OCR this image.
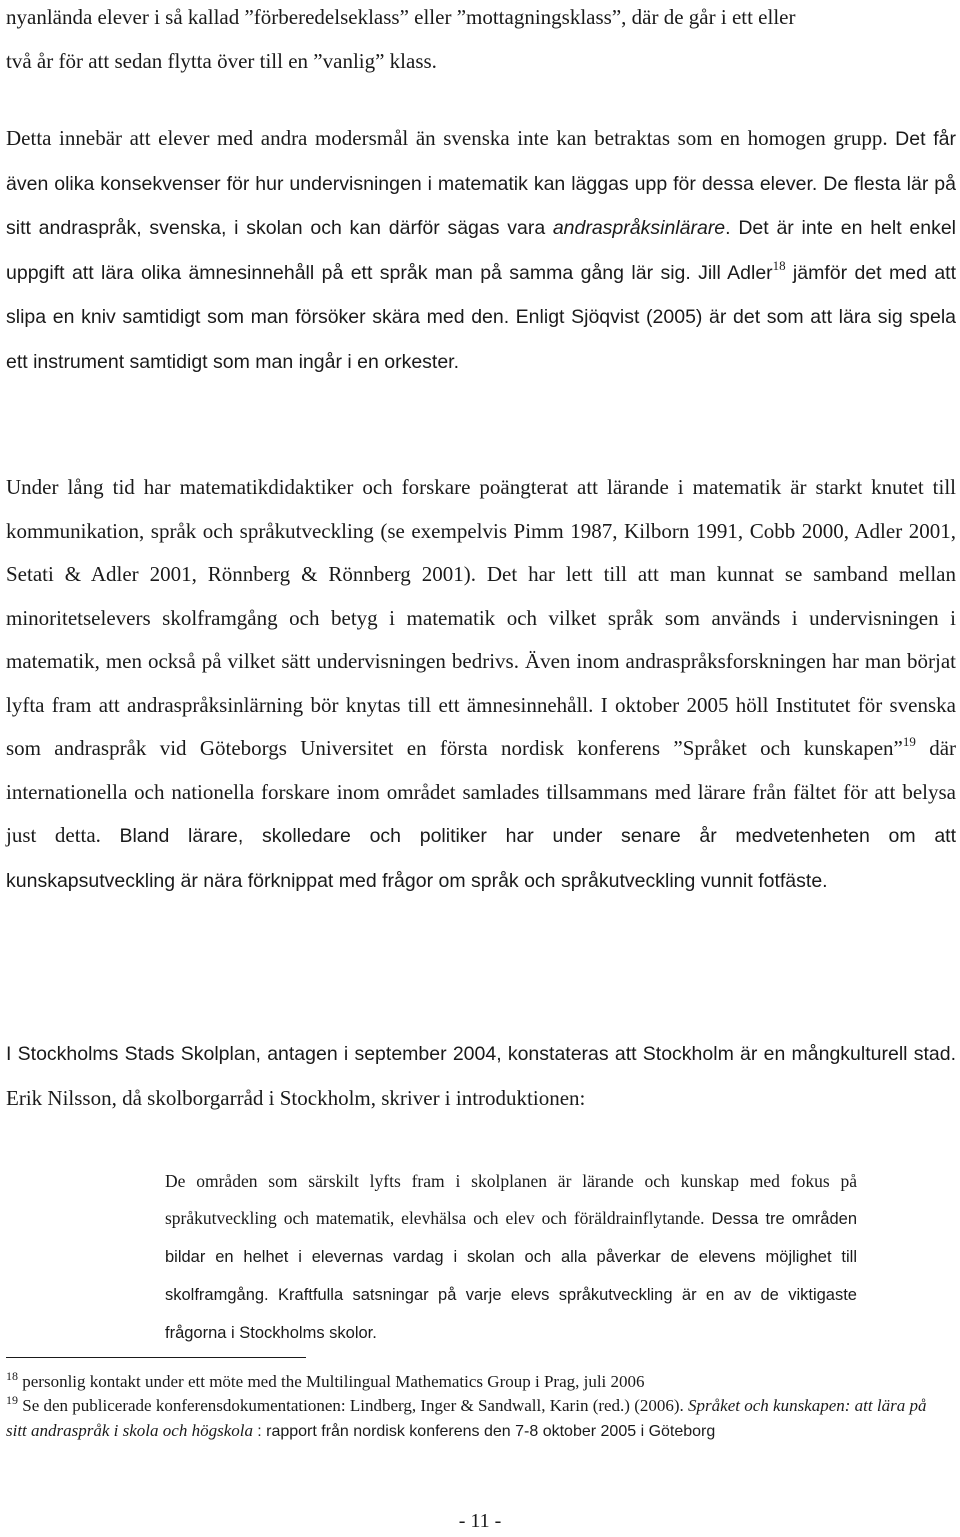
nyanlända elever i så kallad ”förberedelseklass” eller ”mottagningsklass”, där de går i ett eller
två år för att sedan flytta över till en ”vanlig” klass.

Detta innebär att elever med andra modersmål än svenska inte kan betraktas som en homogen grupp. Det får även olika konsekvenser för hur undervisningen i matematik kan läggas upp för dessa elever. De flesta lär på sitt andraspråk, svenska, i skolan och kan därför sägas vara andraspråksinlärare. Det är inte en helt enkel uppgift att lära olika ämnesinnehåll på ett språk man på samma gång lär sig. Jill Adler$^{18}$ jämför det med att slipa en kniv samtidigt som man försöker skära med den. Enligt Sjöqvist (2005) är det som att lära sig spela ett instrument samtidigt som man ingår i en orkester.

Under lång tid har matematikdidaktiker och forskare poängterat att lärande i matematik är starkt knutet till kommunikation, språk och språkutveckling (se exempelvis Pimm 1987, Kilborn 1991, Cobb 2000, Adler 2001, Setati & Adler 2001, Rönnberg & Rönnberg 2001). Det har lett till att man kunnat se samband mellan minoritetselevers skolframgång och betyg i matematik och vilket språk som används i undervisningen i matematik, men också på vilket sätt undervisningen bedrivs. Även inom andraspråksforskningen har man börjat lyfta fram att andraspråksinlärning bör knytas till ett ämnesinnehåll. I oktober 2005 höll Institutet för svenska som andraspråk vid Göteborgs Universitet en första nordisk konferens ”Språket och kunskapen”$^{19}$ där internationella och nationella forskare inom området samlades tillsammans med lärare från fältet för att belysa just detta. Bland lärare, skolledare och politiker har under senare år medvetenheten om att kunskapsutveckling är nära förknippat med frågor om språk och språkutveckling vunnit fotfäste.

I Stockholms Stads Skolplan, antagen i september 2004, konstateras att Stockholm är en mångkulturell stad. Erik Nilsson, då skolborgarråd i Stockholm, skriver i introduktionen:

De områden som särskilt lyfts fram i skolplanen är lärande och kunskap med fokus på språkutveckling och matematik, elevhälsa och elev och föräldrainflytande. Dessa tre områden bildar en helhet i elevernas vardag i skolan och alla påverkar de elevens möjlighet till skolframgång. Kraftfulla satsningar på varje elevs språkutveckling är en av de viktigaste frågorna i Stockholms skolor.

$^{18}$ personlig kontakt under ett möte med the Multilingual Mathematics Group i Prag, juli 2006

$^{19}$ Se den publicerade konferensdokumentationen: Lindberg, Inger & Sandwall, Karin (red.) (2006). Språket och kunskapen: att lära på sitt andraspråk i skola och högskola : rapport från nordisk konferens den 7-8 oktober 2005 i Göteborg

- 11 -
